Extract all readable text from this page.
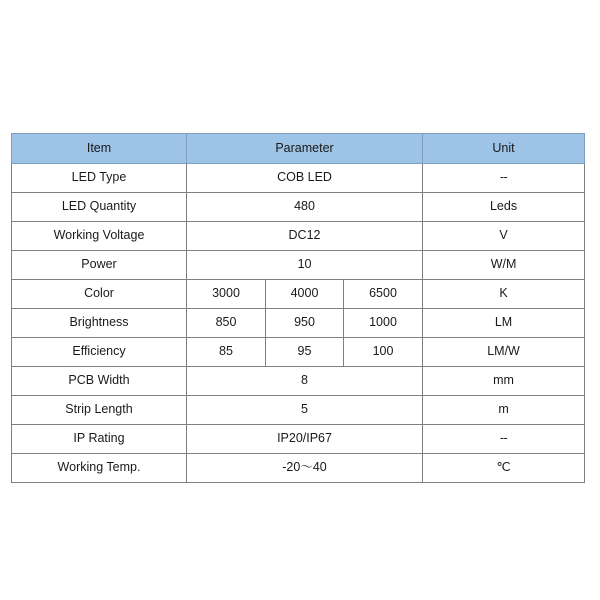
Item	Parameter			Unit
LED Type	COB LED			--
LED Quantity	480			Leds
Working Voltage	DC12			V
Power	10			W/M
Color	3000	4000	6500	K
Brightness	850	950	1000	LM
Efficiency	85	95	100	LM/W
PCB Width	8			mm
Strip Length	5			m
IP Rating	IP20/IP67			--
Working Temp.	-20～40			℃
